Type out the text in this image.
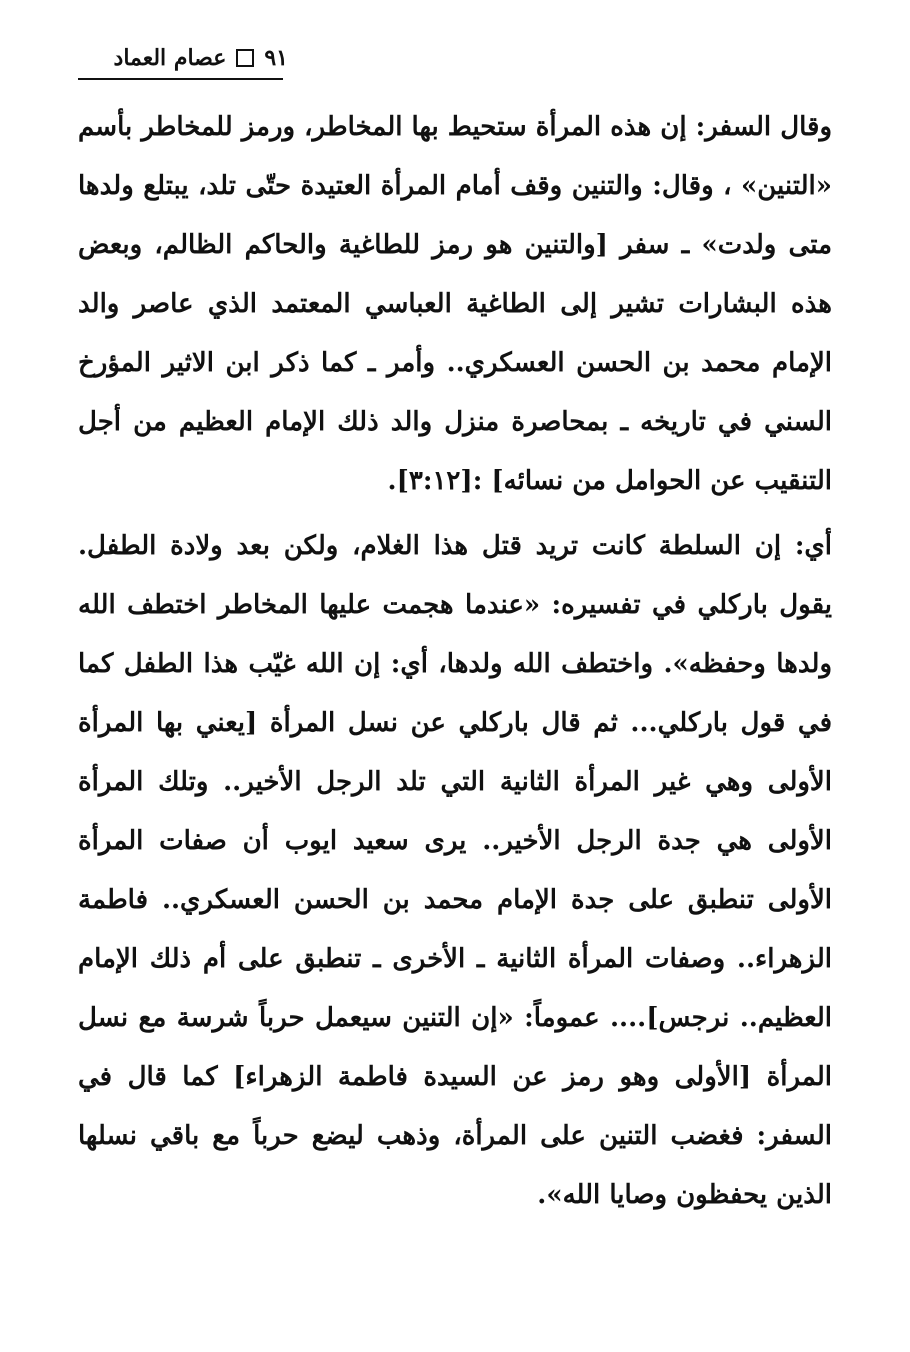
عصام العماد ٩١

وقال السفر: إن هذه المرأة ستحيط بها المخاطر، ورمز للمخاطر بأسم «التنين» ، وقال: والتنين وقف أمام المرأة العتيدة حتّى تلد، يبتلع ولدها متى ولدت» ـ سفر [والتنين هو رمز للطاغية والحاكم الظالم، وبعض هذه البشارات تشير إلى الطاغية العباسي المعتمد الذي عاصر والد الإمام محمد بن الحسن العسكري.. وأمر ـ كما ذكر ابن الاثير المؤرخ السني في تاريخه ـ بمحاصرة منزل والد ذلك الإمام العظيم من أجل التنقيب عن الحوامل من نسائه] :[٣:١٢].

أي: إن السلطة كانت تريد قتل هذا الغلام، ولكن بعد ولادة الطفل. يقول باركلي في تفسيره: «عندما هجمت عليها المخاطر اختطف الله ولدها وحفظه». واختطف الله ولدها، أي: إن الله غيّب هذا الطفل كما في قول باركلي... ثم قال باركلي عن نسل المرأة [يعني بها المرأة الأولى وهي غير المرأة الثانية التي تلد الرجل الأخير.. وتلك المرأة الأولى هي جدة الرجل الأخير.. يرى سعيد ايوب أن صفات المرأة الأولى تنطبق على جدة الإمام محمد بن الحسن العسكري.. فاطمة الزهراء.. وصفات المرأة الثانية ـ الأخرى ـ تنطبق على أم ذلك الإمام العظيم.. نرجس].... عموماً: «إن التنين سيعمل حرباً شرسة مع نسل المرأة [الأولى وهو رمز عن السيدة فاطمة الزهراء] كما قال في السفر: فغضب التنين على المرأة، وذهب ليضع حرباً مع باقي نسلها الذين يحفظون وصايا الله».
